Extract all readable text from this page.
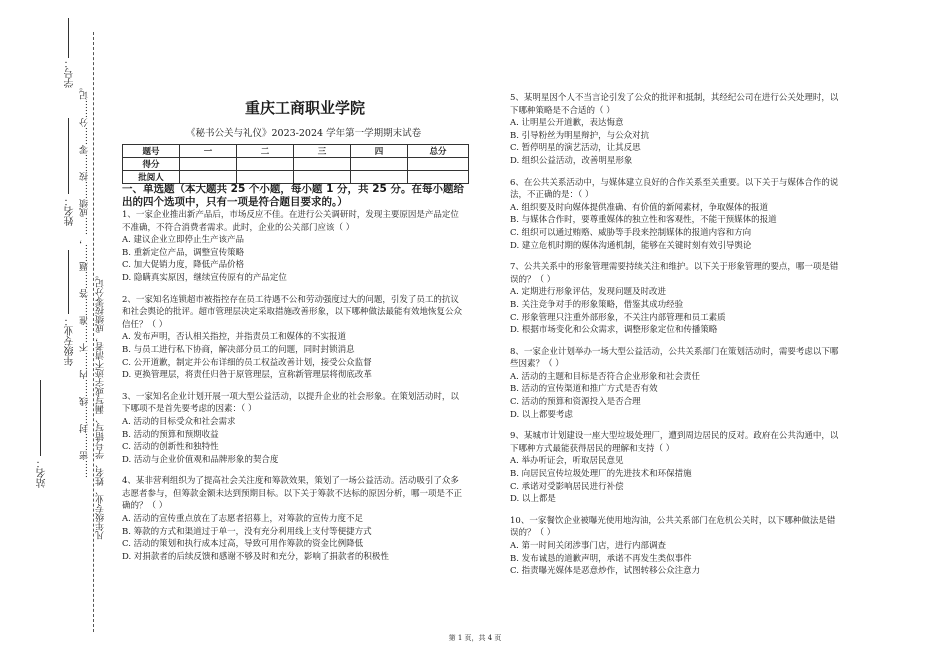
学号：
姓名：
年级专业：
站名：	……密……封……线……内……不……准……答……题……，……成绩……按……零……分……记。 凡年级专业、姓名、学号错写、漏写或字迹不清者，成绩按零分记。
重庆工商职业学院
《秘书公关与礼仪》2023-2024 学年第一学期期末试卷
题号	一	二	三	四	总分
得分					
批阅人					
一、单选题（本大题共 25 个小题，每小题 1 分，共 25 分。在每小题给出的四个选项中，只有一项是符合题目要求的。）

1、一家企业推出新产品后，市场反应不佳。在进行公关调研时，发现主要原因是产品定位不准确，不符合消费者需求。此时，企业的公关部门应该（ ）

A. 建议企业立即停止生产该产品

B. 重新定位产品，调整宣传策略

C. 加大促销力度，降低产品价格

D. 隐瞒真实原因，继续宣传原有的产品定位

2、一家知名连锁超市被指控存在员工待遇不公和劳动强度过大的问题，引发了员工的抗议和社会舆论的批评。超市管理层决定采取措施改善形象，以下哪种做法最能有效地恢复公众信任？（ ）

A. 发布声明，否认相关指控，并指责员工和媒体的不实报道

B. 与员工进行私下协商，解决部分员工的问题，同时封锁消息

C. 公开道歉，制定并公布详细的员工权益改善计划，接受公众监督

D. 更换管理层，将责任归咎于原管理层，宣称新管理层将彻底改革

3、一家知名企业计划开展一项大型公益活动，以提升企业的社会形象。在策划活动时，以下哪项不是首先要考虑的因素：（ ）

A. 活动的目标受众和社会需求

B. 活动的预算和预期收益

C. 活动的创新性和独特性

D. 活动与企业价值观和品牌形象的契合度

4、某非营利组织为了提高社会关注度和筹款效果，策划了一场公益活动。活动吸引了众多志愿者参与，但筹款金额未达到预期目标。以下关于筹款不达标的原因分析，哪一项是不正确的？（ ）

A. 活动的宣传重点放在了志愿者招募上，对筹款的宣传力度不足

B. 筹款的方式和渠道过于单一，没有充分利用线上支付等便捷方式

C. 活动的策划和执行成本过高，导致可用作筹款的资金比例降低

D. 对捐款者的后续反馈和感谢不够及时和充分，影响了捐款者的积极性

5、某明星因个人不当言论引发了公众的批评和抵制，其经纪公司在进行公关处理时，以下哪种策略是不合适的（ ）

A. 让明星公开道歉，表达悔意

B. 引导粉丝为明星辩护，与公众对抗

C. 暂停明星的演艺活动，让其反思

D. 组织公益活动，改善明星形象

6、在公共关系活动中，与媒体建立良好的合作关系至关重要。以下关于与媒体合作的说法，不正确的是：（ ）

A. 组织要及时向媒体提供准确、有价值的新闻素材，争取媒体的报道

B. 与媒体合作时，要尊重媒体的独立性和客观性，不能干预媒体的报道

C. 组织可以通过贿赂、威胁等手段来控制媒体的报道内容和方向

D. 建立危机时期的媒体沟通机制，能够在关键时刻有效引导舆论

7、公共关系中的形象管理需要持续关注和维护。以下关于形象管理的要点，哪一项是错误的？（ ）

A. 定期进行形象评估，发现问题及时改进

B. 关注竞争对手的形象策略，借鉴其成功经验

C. 形象管理只注重外部形象，不关注内部管理和员工素质

D. 根据市场变化和公众需求，调整形象定位和传播策略

8、一家企业计划举办一场大型公益活动，公共关系部门在策划活动时，需要考虑以下哪些因素？（ ）

A. 活动的主题和目标是否符合企业形象和社会责任

B. 活动的宣传渠道和推广方式是否有效

C. 活动的预算和资源投入是否合理

D. 以上都要考虑

9、某城市计划建设一座大型垃圾处理厂，遭到周边居民的反对。政府在公共沟通中，以下哪种方式最能获得居民的理解和支持（ ）

A. 举办听证会，听取居民意见

B. 向居民宣传垃圾处理厂的先进技术和环保措施

C. 承诺对受影响居民进行补偿

D. 以上都是

10、一家餐饮企业被曝光使用地沟油，公共关系部门在危机公关时，以下哪种做法是错误的？（ ）

A. 第一时间关闭涉事门店，进行内部调查

B. 发布诚恳的道歉声明，承诺不再发生类似事件

C. 指责曝光媒体是恶意炒作，试图转移公众注意力

第 1 页，共 4 页
